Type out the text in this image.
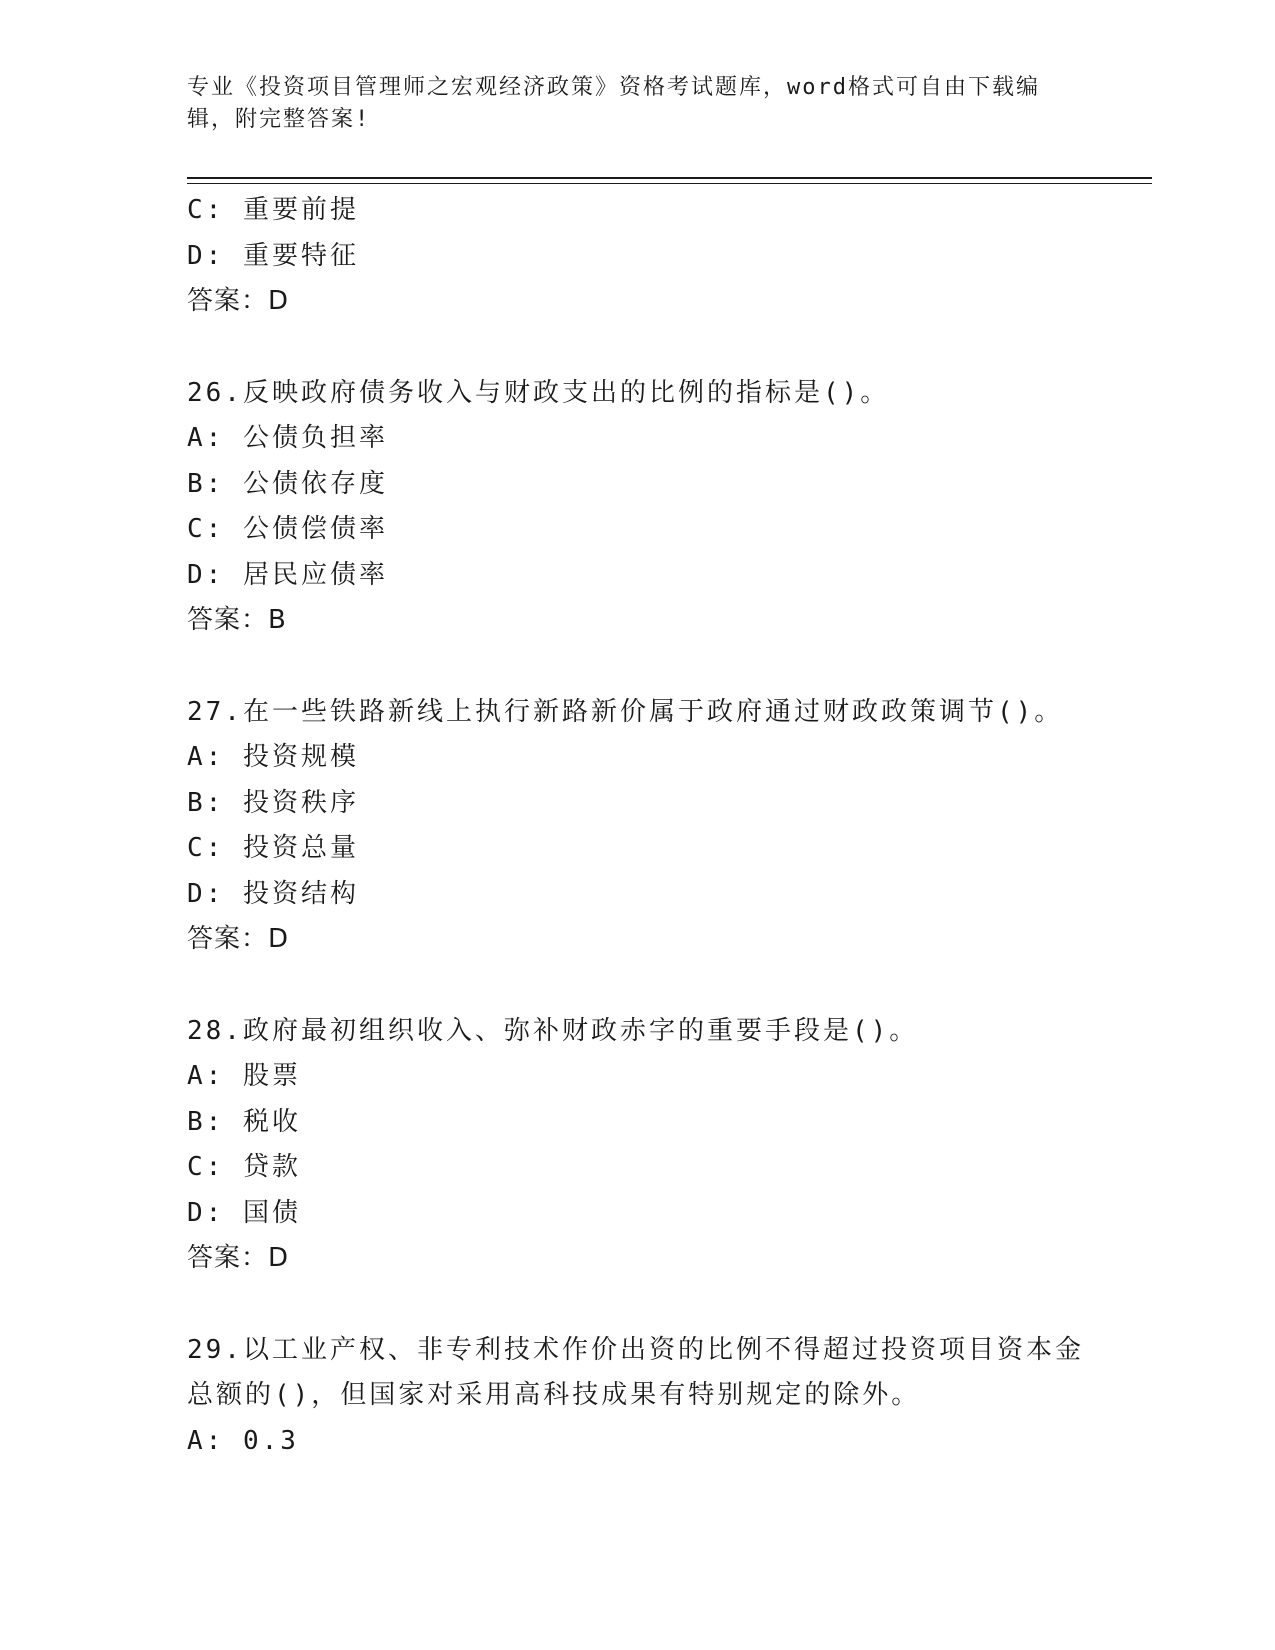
专业《投资项目管理师之宏观经济政策》资格考试题库，word格式可自由下载编
辑，附完整答案!
C: 重要前提
D: 重要特征
答案：D
26.反映政府债务收入与财政支出的比例的指标是()。
A: 公债负担率
B: 公债依存度
C: 公债偿债率
D: 居民应债率
答案：B
27.在一些铁路新线上执行新路新价属于政府通过财政政策调节()。
A: 投资规模
B: 投资秩序
C: 投资总量
D: 投资结构
答案：D
28.政府最初组织收入、弥补财政赤字的重要手段是()。
A: 股票
B: 税收
C: 贷款
D: 国债
答案：D
29.以工业产权、非专利技术作价出资的比例不得超过投资项目资本金
总额的()，但国家对采用高科技成果有特别规定的除外。
A: 0.3
